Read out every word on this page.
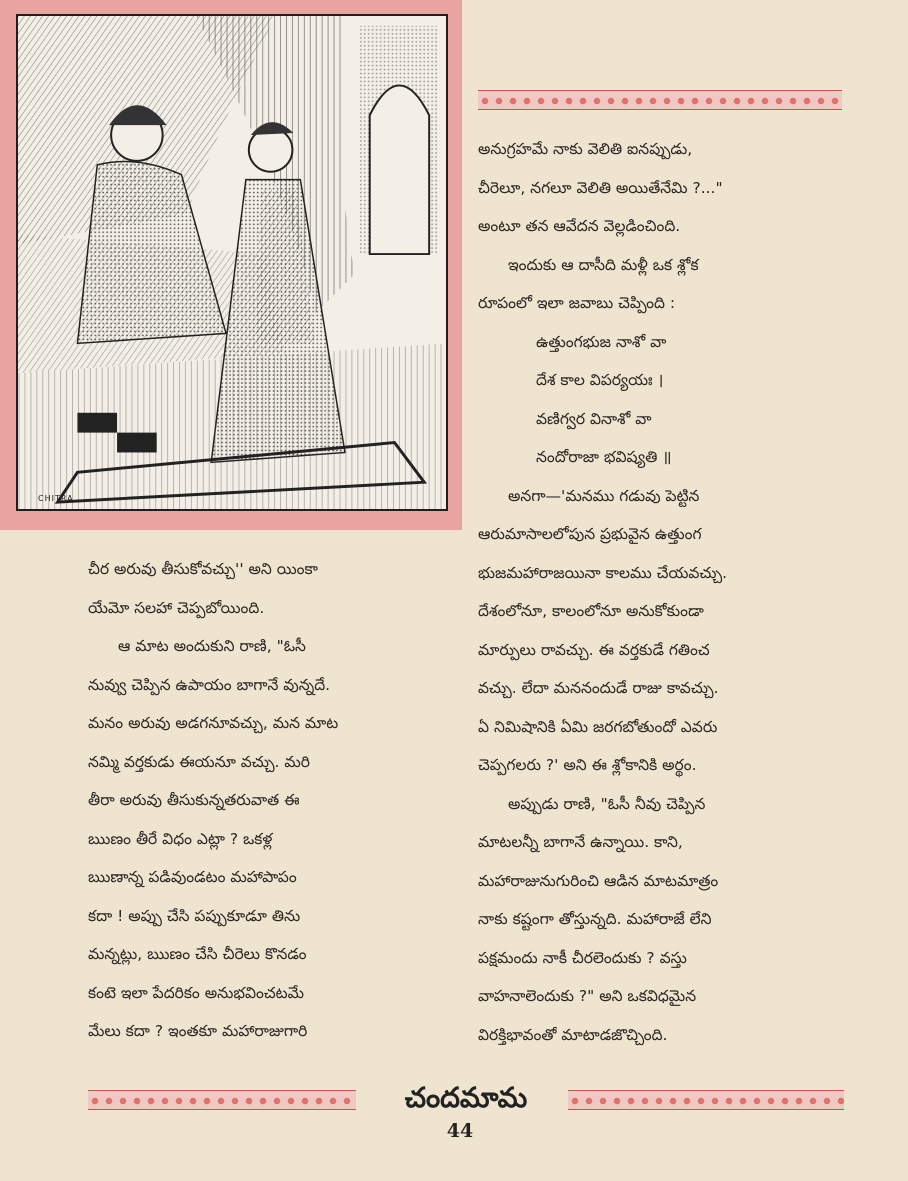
CHITRA
అనుగ్రహమే నాకు వెలితి ఐనప్పుడు,
చీరెలూ, నగలూ వెలితి అయితేనేమి ?..."
అంటూ తన ఆవేదన వెల్లడించింది.
ఇందుకు ఆ దాసీది మళ్లీ ఒక శ్లోక
రూపంలో ఇలా జవాబు చెప్పింది :
ఉత్తుంగభుజ నాశో వా
దేశ కాల విపర్యయః ।
వణిగ్వర వినాశో వా
నందోరాజా భవిష్యతి ॥
అనగా—'మనము గడువు పెట్టిన
ఆరుమాసాలలోపున ప్రభువైన ఉత్తుంగ
భుజమహారాజయినా కాలము చేయవచ్చు.
దేశంలోనూ, కాలంలోనూ అనుకోకుండా
మార్పులు రావచ్చు. ఈ వర్తకుడే గతించ
వచ్చు. లేదా మననందుడే రాజు కావచ్చు.
ఏ నిమిషానికి ఏమి జరగబోతుందో ఎవరు
చెప్పగలరు ?' అని ఈ శ్లోకానికి అర్థం.
అప్పుడు రాణి, "ఓసీ నీవు చెప్పిన
మాటలన్నీ బాగానే ఉన్నాయి. కాని,
మహారాజునుగురించి ఆడిన మాటమాత్రం
నాకు కష్టంగా తోస్తున్నది. మహారాజే లేని
పక్షమందు నాకీ చీరలెందుకు ? వస్తు
వాహనాలెందుకు ?" అని ఒకవిధమైన
విరక్తిభావంతో మాటాడజొచ్చింది.
చీర అరువు తీసుకోవచ్చు'' అని యింకా
యేమో సలహా చెప్పబోయింది.
ఆ మాట అందుకుని రాణి, "ఓసీ
నువ్వు చెప్పిన ఉపాయం బాగానే వున్నదే.
మనం అరువు అడగనూవచ్చు, మన మాట
నమ్మి వర్తకుడు ఈయనూ వచ్చు. మరి
తీరా అరువు తీసుకున్నతరువాత ఈ
ఋణం తీరే విధం ఎట్లా ? ఒకళ్ల
ఋణాన్న పడివుండటం మహాపాపం
కదా ! అప్పు చేసి పప్పుకూడూ తిను
మన్నట్లు, ఋణం చేసి చీరెలు కొనడం
కంటె ఇలా పేదరికం అనుభవించటమే
మేలు కదా ? ఇంతకూ మహారాజుగారి
చందమామ
44
